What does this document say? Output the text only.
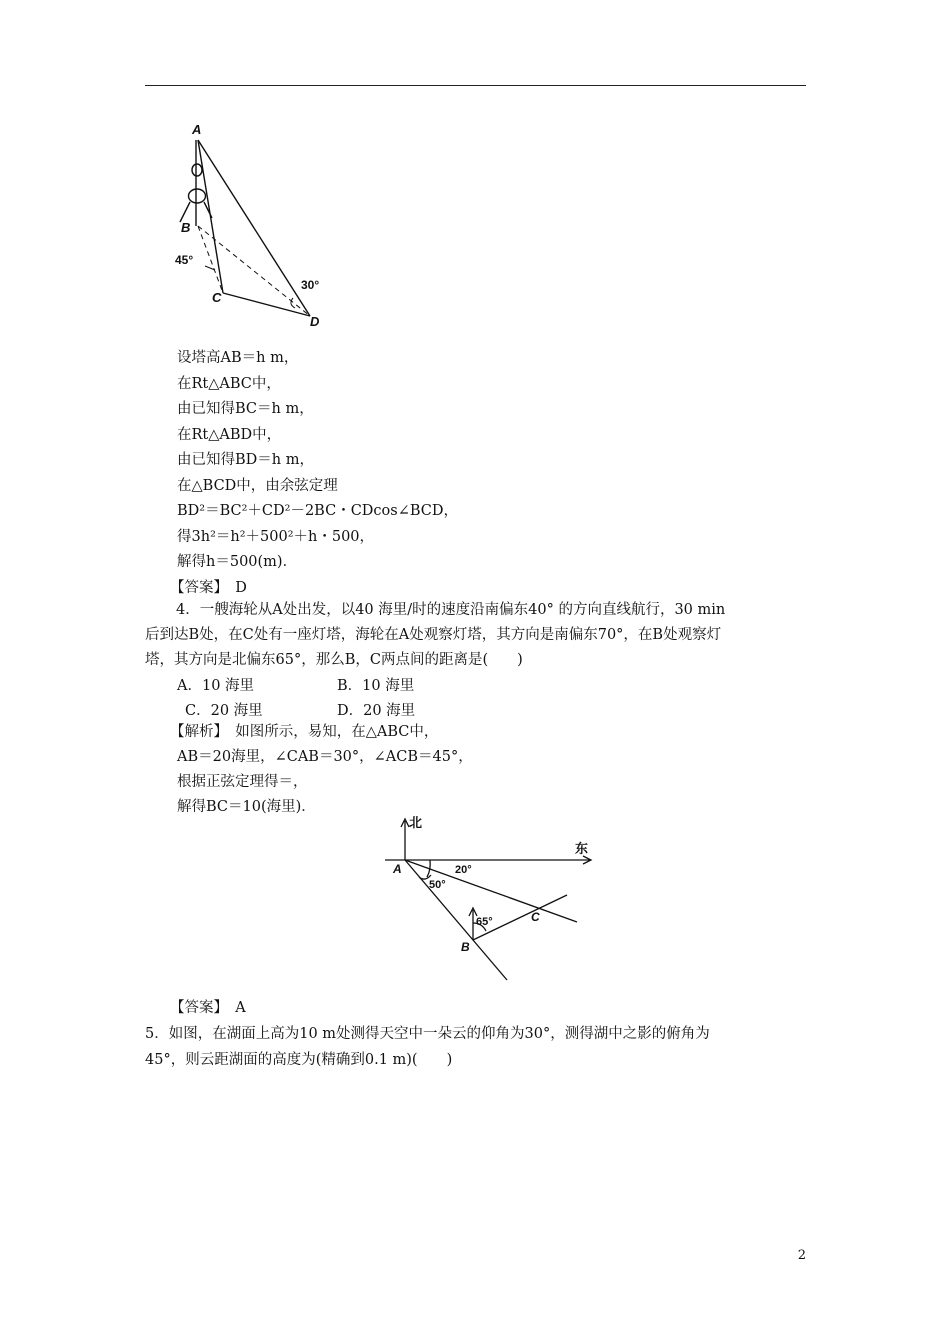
A
B
C
D
45°
30°
设塔高AB＝h m，
在Rt△ABC中，
由已知得BC＝h m，
在Rt△ABD中，
由已知得BD＝h m，
在△BCD中，由余弦定理
BD²＝BC²＋CD²－2BC・CDcos∠BCD，
得3h²＝h²＋500²＋h・500，
解得h＝500(m)．
【答案】　D
4．一艘海轮从A处出发，以40 海里/时的速度沿南偏东40° 的方向直线航行，30 min
后到达B处，在C处有一座灯塔，海轮在A处观察灯塔，其方向是南偏东70°，在B处观察灯
塔，其方向是北偏东65°，那么B，C两点间的距离是(　　)
A．10 海里	B．10 海里
C．20 海里	D．20 海里
【解析】　如图所示，易知，在△ABC中，
AB＝20海里，∠CAB＝30°，∠ACB＝45°，
根据正弦定理得＝，
解得BC＝10(海里)．
A
B
C
北
东
20°
50°
65°
【答案】　A
5．如图，在湖面上高为10 m处测得天空中一朵云的仰角为30°，测得湖中之影的俯角为
45°，则云距湖面的高度为(精确到0.1 m)(　　)
2
